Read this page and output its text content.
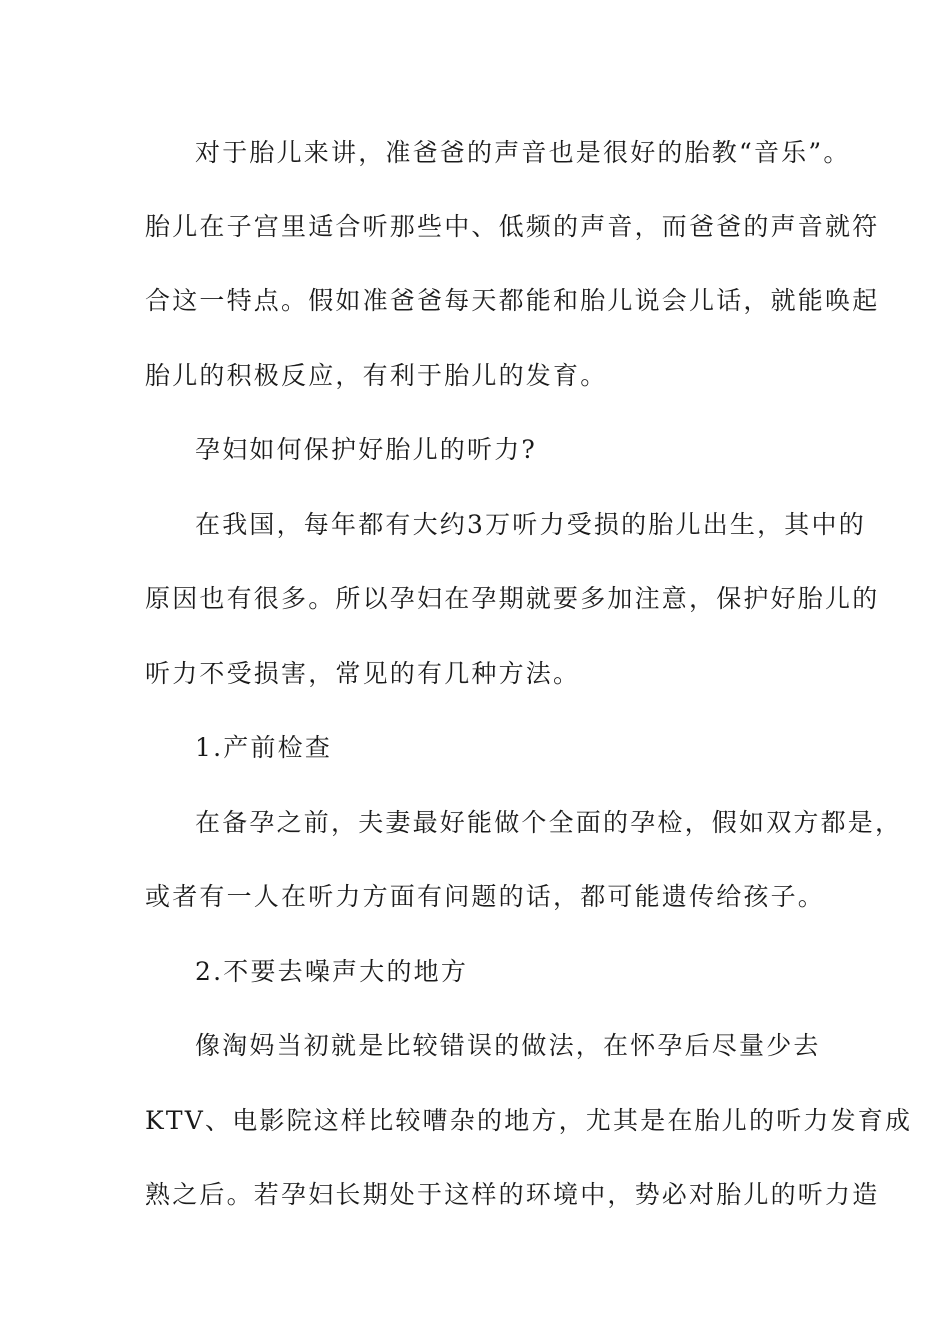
对于胎儿来讲，准爸爸的声音也是很好的胎教“音乐”。
胎儿在子宫里适合听那些中、低频的声音，而爸爸的声音就符
合这一特点。假如准爸爸每天都能和胎儿说会儿话，就能唤起
胎儿的积极反应，有利于胎儿的发育。
孕妇如何保护好胎儿的听力?
在我国，每年都有大约3万听力受损的胎儿出生，其中的
原因也有很多。所以孕妇在孕期就要多加注意，保护好胎儿的
听力不受损害，常见的有几种方法。
1.产前检查
在备孕之前，夫妻最好能做个全面的孕检，假如双方都是，
或者有一人在听力方面有问题的话，都可能遗传给孩子。
2.不要去噪声大的地方
像淘妈当初就是比较错误的做法，在怀孕后尽量少去
KTV、电影院这样比较嘈杂的地方，尤其是在胎儿的听力发育成
熟之后。若孕妇长期处于这样的环境中，势必对胎儿的听力造
